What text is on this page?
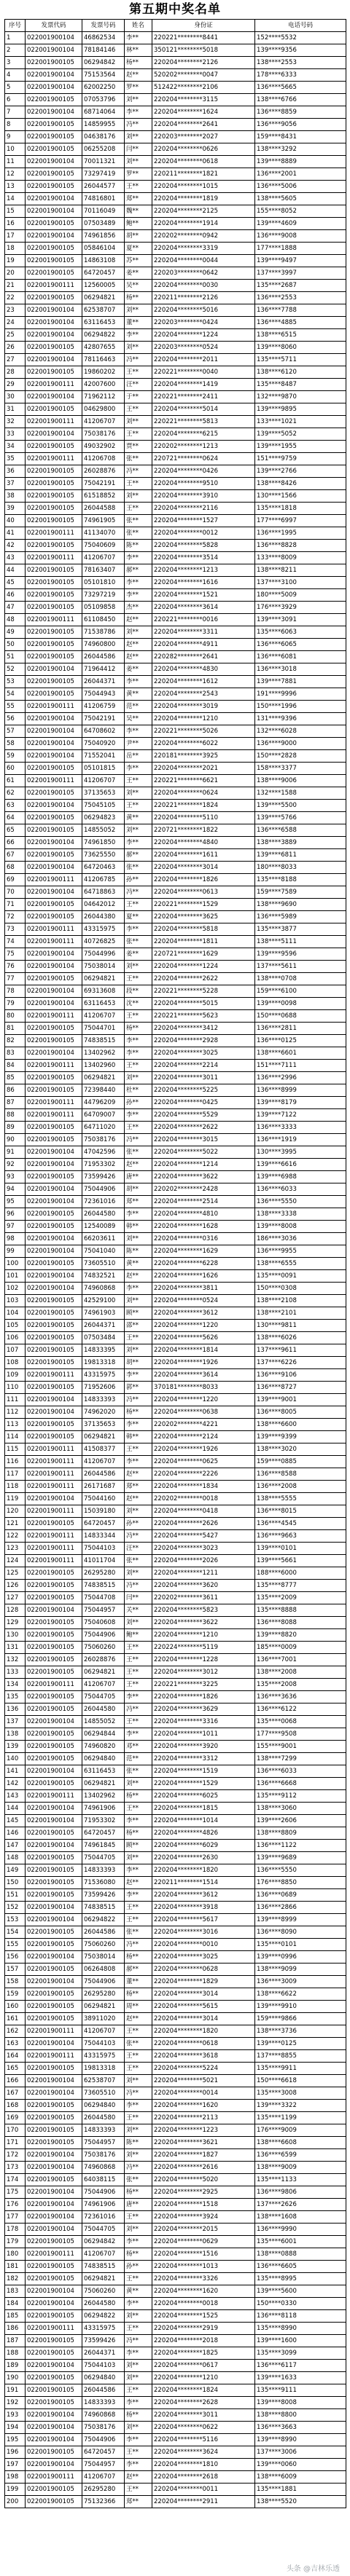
第五期中奖名单
序号	发票代码	发票号码	姓名	身份证	电话号码
1	022001900104	46862534	李**	220221********8441	152****5532
2	022001900104	78184146	林**	350121********5018	139****9356
3	022001900105	06294842	杨**	220204********2126	138****2553
4	022001900104	75153564	赵**	520202********0047	178****6333
5	022001900104	62002250	罗**	512422********2106	136****5665
6	022001900105	07053796	刘**	220204********3115	138****6766
7	022001900104	68714064	李**	220204********1624	136****8859
8	022001900105	14859955	冯**	220204********2641	136****9056
9	022001900105	04638176	刘**	220203********2027	159****8431
10	022001900105	06255208	闫**	220204********0626	138****3292
11	022001900104	70011321	刘**	220204********0618	139****8889
12	022001900105	73297419	罗**	220211********1821	136****2001
13	022001900105	26044577	王**	220204********1015	136****5006
14	022001900104	74816801	郑**	220204********1819	138****5605
15	022001900104	70116049	魏**	220204********2125	155****8052
16	022001900105	07503489	鲍**	220204********1914	139****4609
17	022001900104	74961856	胡**	220202********0942	136****9008
18	022001900105	05846104	夏**	220204********3319	177****1888
19	022001900105	14863108	苏**	220204********0044	139****9497
20	022001900105	64720457	姜**	220203********0642	137****3997
21	022001900111	12560005	吴**	220204********0030	135****2687
22	022001900105	06294821	杨**	220211********2126	136****2553
23	022001900104	62538707	刘**	220204********5016	136****7788
24	022001900104	63116453	董**	220203********0424	136****4885
25	022001900104	06294822	李**	220204********1224	138****6515
26	022001900105	42807655	刘**	220203********0524	139****8060
27	022001900104	78116463	冯**	220204********2011	135****5711
28	022001900105	19860202	王**	220221********0040	138****6120
29	022001900111	42007600	汪**	220204********1419	135****8487
30	022001900104	71962112	于**	220221********2411	132****9870
31	022001900105	04629800	王**	220204********5014	139****9895
32	022001900111	41206707	刘**	220221********5813	133****1021
33	022001900104	75038176	王**	220204********6215	139****5052
34	022001900105	49032902	贾**	220202********1213	139****1955
35	022001900111	41206708	张**	220721********0624	151****9759
36	022001900105	26028876	冯**	220204********0426	139****2766
37	022001900105	75042191	王**	220204********9510	138****8426
38	022001900105	61518852	刘**	220204********3910	130****1566
39	022001900105	26044588	王**	220204********2116	135****1818
40	022001900105	74961905	张**	220204********1527	177****6997
41	022001900111	41134070	张**	220204********0012	136****1995
42	022001900105	75040609	陈**	220204********5828	136****8828
43	022001900111	41206707	李**	220204********3514	133****8009
44	022001900105	78163407	郝**	220204********1213	138****8211
45	022001900105	05101810	李**	220204********1616	137****3100
46	022001900105	73297219	李**	220204********1521	180****5009
47	022001900105	05109858	杰**	220204********3614	176****3929
48	022001900111	61108450	赵**	220221********0016	139****3091
49	022001900105	71538786	刘**	220204********3311	135****6063
50	022001900105	74960800	赵**	220204********4911	136****6065
51	022001900105	26044586	赵**	220282********2641	136****6081
52	022001900104	71964412	姜**	220204********4830	136****3018
53	022001900105	26044371	李**	220204********1612	139****7881
54	022001900105	75044943	黄**	220204********2543	191****9996
55	022001900111	41206759	范**	220204********3019	150****1996
56	022001900104	75042191	吴**	220204********1210	131****9396
57	022001900104	64708602	李**	220221********5026	132****6028
58	022001900104	75040920	尹**	220204********6022	136****9000
59	022001900104	71552041	岳**	220181********3925	150****2828
60	022001900105	05101815	李**	220204********2021	158****3377
61	022001900111	41206707	王**	220221********6621	138****9006
62	022001900105	37135653	刘**	220204********0624	132****1588
63	022001900104	75045105	王**	220221********1824	139****5500
64	022001900105	06294823	黄**	220204********5110	139****5766
65	022001900105	14855052	刘**	220721********1822	136****6588
66	022001900104	74961850	李**	220204********4840	138****3889
67	022001900105	73625550	郝**	220204********1611	139****6811
68	022001900104	64720463	张**	220204********3014	180****8033
69	022001900111	41206785	孙**	220204********1826	135****8188
70	022001900104	64718863	冯**	220204********0613	159****7589
71	022001900105	04642012	王**	220221********1529	138****9690
72	022001900105	26044380	夏**	220204********3625	136****5989
73	022001900111	43315975	李**	220204********5818	135****3877
74	022001900111	40726825	张**	220204********1811	138****5111
75	022001900104	75044996	姜**	220721********1629	139****9596
76	022001900104	75038014	刘**	220204********1224	137****5611
77	022001900105	06294821	王**	220204********2622	138****0708
78	022001900104	69313608	段**	220221********5228	159****6100
79	022001900104	63116453	沈**	220204********5015	139****0098
80	022001900111	41206707	王**	220221********5623	150****0688
81	022001900105	75044701	杨**	220204********3412	136****2811
82	022001900105	74838515	李**	220204********2928	136****0125
83	022001900104	13402962	李**	220204********3025	138****6601
84	022001900111	13402960	王**	220204********2214	151****7111
85	022001900105	06294821	刘**	220204********3011	136****2996
86	022001900105	72398440	杜**	220204********5225	136****8999
87	022001900111	44796209	孙**	220204********0425	139****8179
88	022001900111	64709007	李**	220204********5529	139****7122
89	022001900105	64711020	王**	220204********2622	136****3333
90	022001900105	75038176	冯**	220204********3015	136****1919
91	022001900104	47042596	张**	220204********5022	130****3995
92	022001900104	71953302	赵**	220204********1214	139****6616
93	022001900105	73599426	唐**	220204********3622	139****6988
94	022001900104	75044906	胡**	220202********2428	136****6033
95	022001900104	72361016	郑**	220204********2514	136****5550
96	022001900105	26044580	李**	220204********4810	138****3338
97	022001900105	12540089	韩**	220204********1628	139****8008
98	022001900104	66203611	刘**	220204********0316	186****3036
99	022001900104	75041040	陈**	220204********1629	136****9955
100	022001900105	73605510	黄**	220204********6228	138****6555
101	022001900104	74832521	赵**	220204********1626	135****0091
102	022001900104	74960868	李**	220204********3811	150****0308
103	022001900105	42529100	刘**	220204********0524	138****2108
104	022001900105	74961903	顾**	220204********3612	138****2101
105	022001900105	26044371	邵**	220204********1220	130****9811
106	022001900105	07503484	王**	220204********5626	138****6026
107	022001900105	14833395	刘**	220204********1814	137****9611
108	022001900105	19813318	胡**	220204********1926	137****6226
109	022001900111	43315975	李**	220204********3614	136****9106
110	022001900105	71952606	郭**	370181********8033	136****8727
111	022001900104	14833393	冯**	220204********1220	139****9001
112	022001900104	74962020	杨**	220204********0638	136****8005
113	022001900105	37135653	李**	220202********4221	138****6600
114	022001900105	06294821	韩**	220204********2124	139****9399
115	022001900111	41508377	王**	220204********1926	138****3020
116	022001900111	41206707	李**	220204********0625	159****0885
117	022001900111	26044586	赵**	220204********2226	136****8588
118	022001900111	26171687	郑**	220204********1834	136****2008
119	022001900104	75044160	赵**	220202********0018	138****5555
120	022001900111	15039180	刘**	220204********0418	136****8015
121	022001900105	64720457	孙**	220204********2626	136****4545
122	022001900111	14833344	冯**	220204********5427	136****9663
123	022001900111	75044103	汪**	220204********3023	139****0101
124	022001900111	41011704	张**	220204********2026	139****5661
125	022001900105	26295280	刘**	220204********1211	188****6000
126	022001900105	74838515	冯**	220204********3620	135****8777
127	022001900105	75044708	闫**	220202********3611	135****2009
128	022001900104	75044957	关**	220204********5823	135****8888
129	022001900105	75040608	刘**	220204********3622	136****8088
130	022001900105	75044906	鲍**	220204********1210	139****8820
131	022001900105	75060260	王**	220224********5119	185****0009
132	022001900105	26028876	王**	220204********1228	136****7001
133	022001900105	06294821	王**	220204********3012	138****2008
134	022001900111	41206707	王**	220221********3225	135****2008
135	022001900105	75044705	李**	220204********1826	136****3636
136	022001900105	26044580	冯**	220204********3629	136****6122
137	022001900104	14855052	王**	220204********3316	135****0068
138	022001900105	06294844	李**	220204********1011	177****9508
139	022001900105	74960820	邓**	220204********3920	155****9001
140	022001900105	06294840	范**	220204********3312	138****7299
141	022001900104	63116453	张**	220204********1519	136****6033
142	022001900105	06294821	刘**	220204********1529	136****6668
143	022001900111	13402962	杨**	220204********6025	135****9112
144	022001900104	74961906	王**	220204********1815	138****3060
145	022001900104	71953302	李**	220204********1014	139****2606
146	022001900105	64720457	杨**	220204********4826	138****8809
147	022001900104	74961845	顾**	220204********6029	136****1122
148	022001900105	75044705	刘**	220204********2630	139****9689
149	022001900105	14833393	李**	220204********1820	136****5550
150	022001900105	71536080	赵**	220211********1514	176****8850
151	022001900105	73599426	李**	220204********3612	136****0689
152	022001900104	74838515	王**	220204********3918	136****2866
153	022001900104	06294822	王**	220204********5617	139****8999
154	022001900105	26044586	张**	220204********3016	136****8090
155	022001900105	75060260	冯**	220204********0010	135****0101
156	022001900104	75038014	杨**	220204********3025	139****0996
157	022001900105	06264808	郝**	220204********0628	138****9099
158	022001900104	75044906	董**	220204********1829	136****3009
159	022001900105	26295280	杨**	220204********3014	138****6622
160	022001900105	06294821	周**	220204********5615	139****9910
161	022001900105	38911020	赵**	220204********3014	159****9866
162	022001900111	41206707	王**	220204********1820	138****3736
163	022001900104	75044103	张**	220204********0618	139****0125
164	022001900111	43315975	王**	220204********3618	137****8855
165	022001900105	19813318	王**	220204********5224	135****9911
166	022001900104	62538707	刘**	220204********5021	150****6618
167	022001900104	73605510	冯**	220204********0014	135****3008
168	022001900105	06294840	李**	220204********1620	139****3322
169	022001900105	26044580	王**	220204********2113	135****1199
170	022001900105	14833393	刘**	220204********1223	176****9009
171	022001900105	75044957	陈**	220204********3621	138****6608
172	022001900104	75038176	刘**	220204********1827	136****6599
173	022001900104	74960868	冯**	220204********2616	138****9009
174	022001900105	64038115	张**	220204********5020	135****1133
175	022001900104	75044906	杨**	220204********2925	136****9806
176	022001900104	74961906	唐**	220204********1518	137****2626
177	022001900104	72361016	王**	220204********3924	138****1608
178	022001900104	75044705	刘**	220204********2015	136****9990
179	022001900105	06294842	李**	220204********0629	135****6001
180	022001900111	41206707	杨**	220204********1516	138****0888
181	022001900105	74838515	孙**	220204********1013	136****6605
182	022001900105	06294821	王**	220204********3326	135****8995
183	022001900104	75060260	黄**	220204********1620	139****5600
184	022001900104	26044580	李**	220204********0018	150****0330
185	022001900105	06294822	刘**	220204********1525	136****8118
186	022001900111	43315975	王**	220204********2919	135****8990
187	022001900105	73599426	冯**	220204********2018	139****1600
188	022001900105	26044371	李**	220204********1825	135****3099
189	022001900104	75044103	刘**	220204********0617	136****6117
190	022001900105	06294840	刘**	220204********1210	139****1633
191	022001900105	26044586	王**	220204********1824	135****9111
192	022001900105	14833393	李**	220204********2628	139****8008
193	022001900104	74960868	杨**	220204********3011	138****8800
194	022001900104	75038176	刘**	220204********0622	136****3663
195	022001900104	75044906	李**	220204********5116	139****8990
196	022001900105	64720457	王**	220204********3624	137****3006
197	022001900104	75044957	李**	220204********1810	139****0060
198	022001900111	41206707	赵**	220204********2618	138****6009
199	022001900105	26295280	王**	220204********0011	135****1881
200	022001900105	75132366	郑**	220204********2911	138****5520
头条 @吉林乐透
